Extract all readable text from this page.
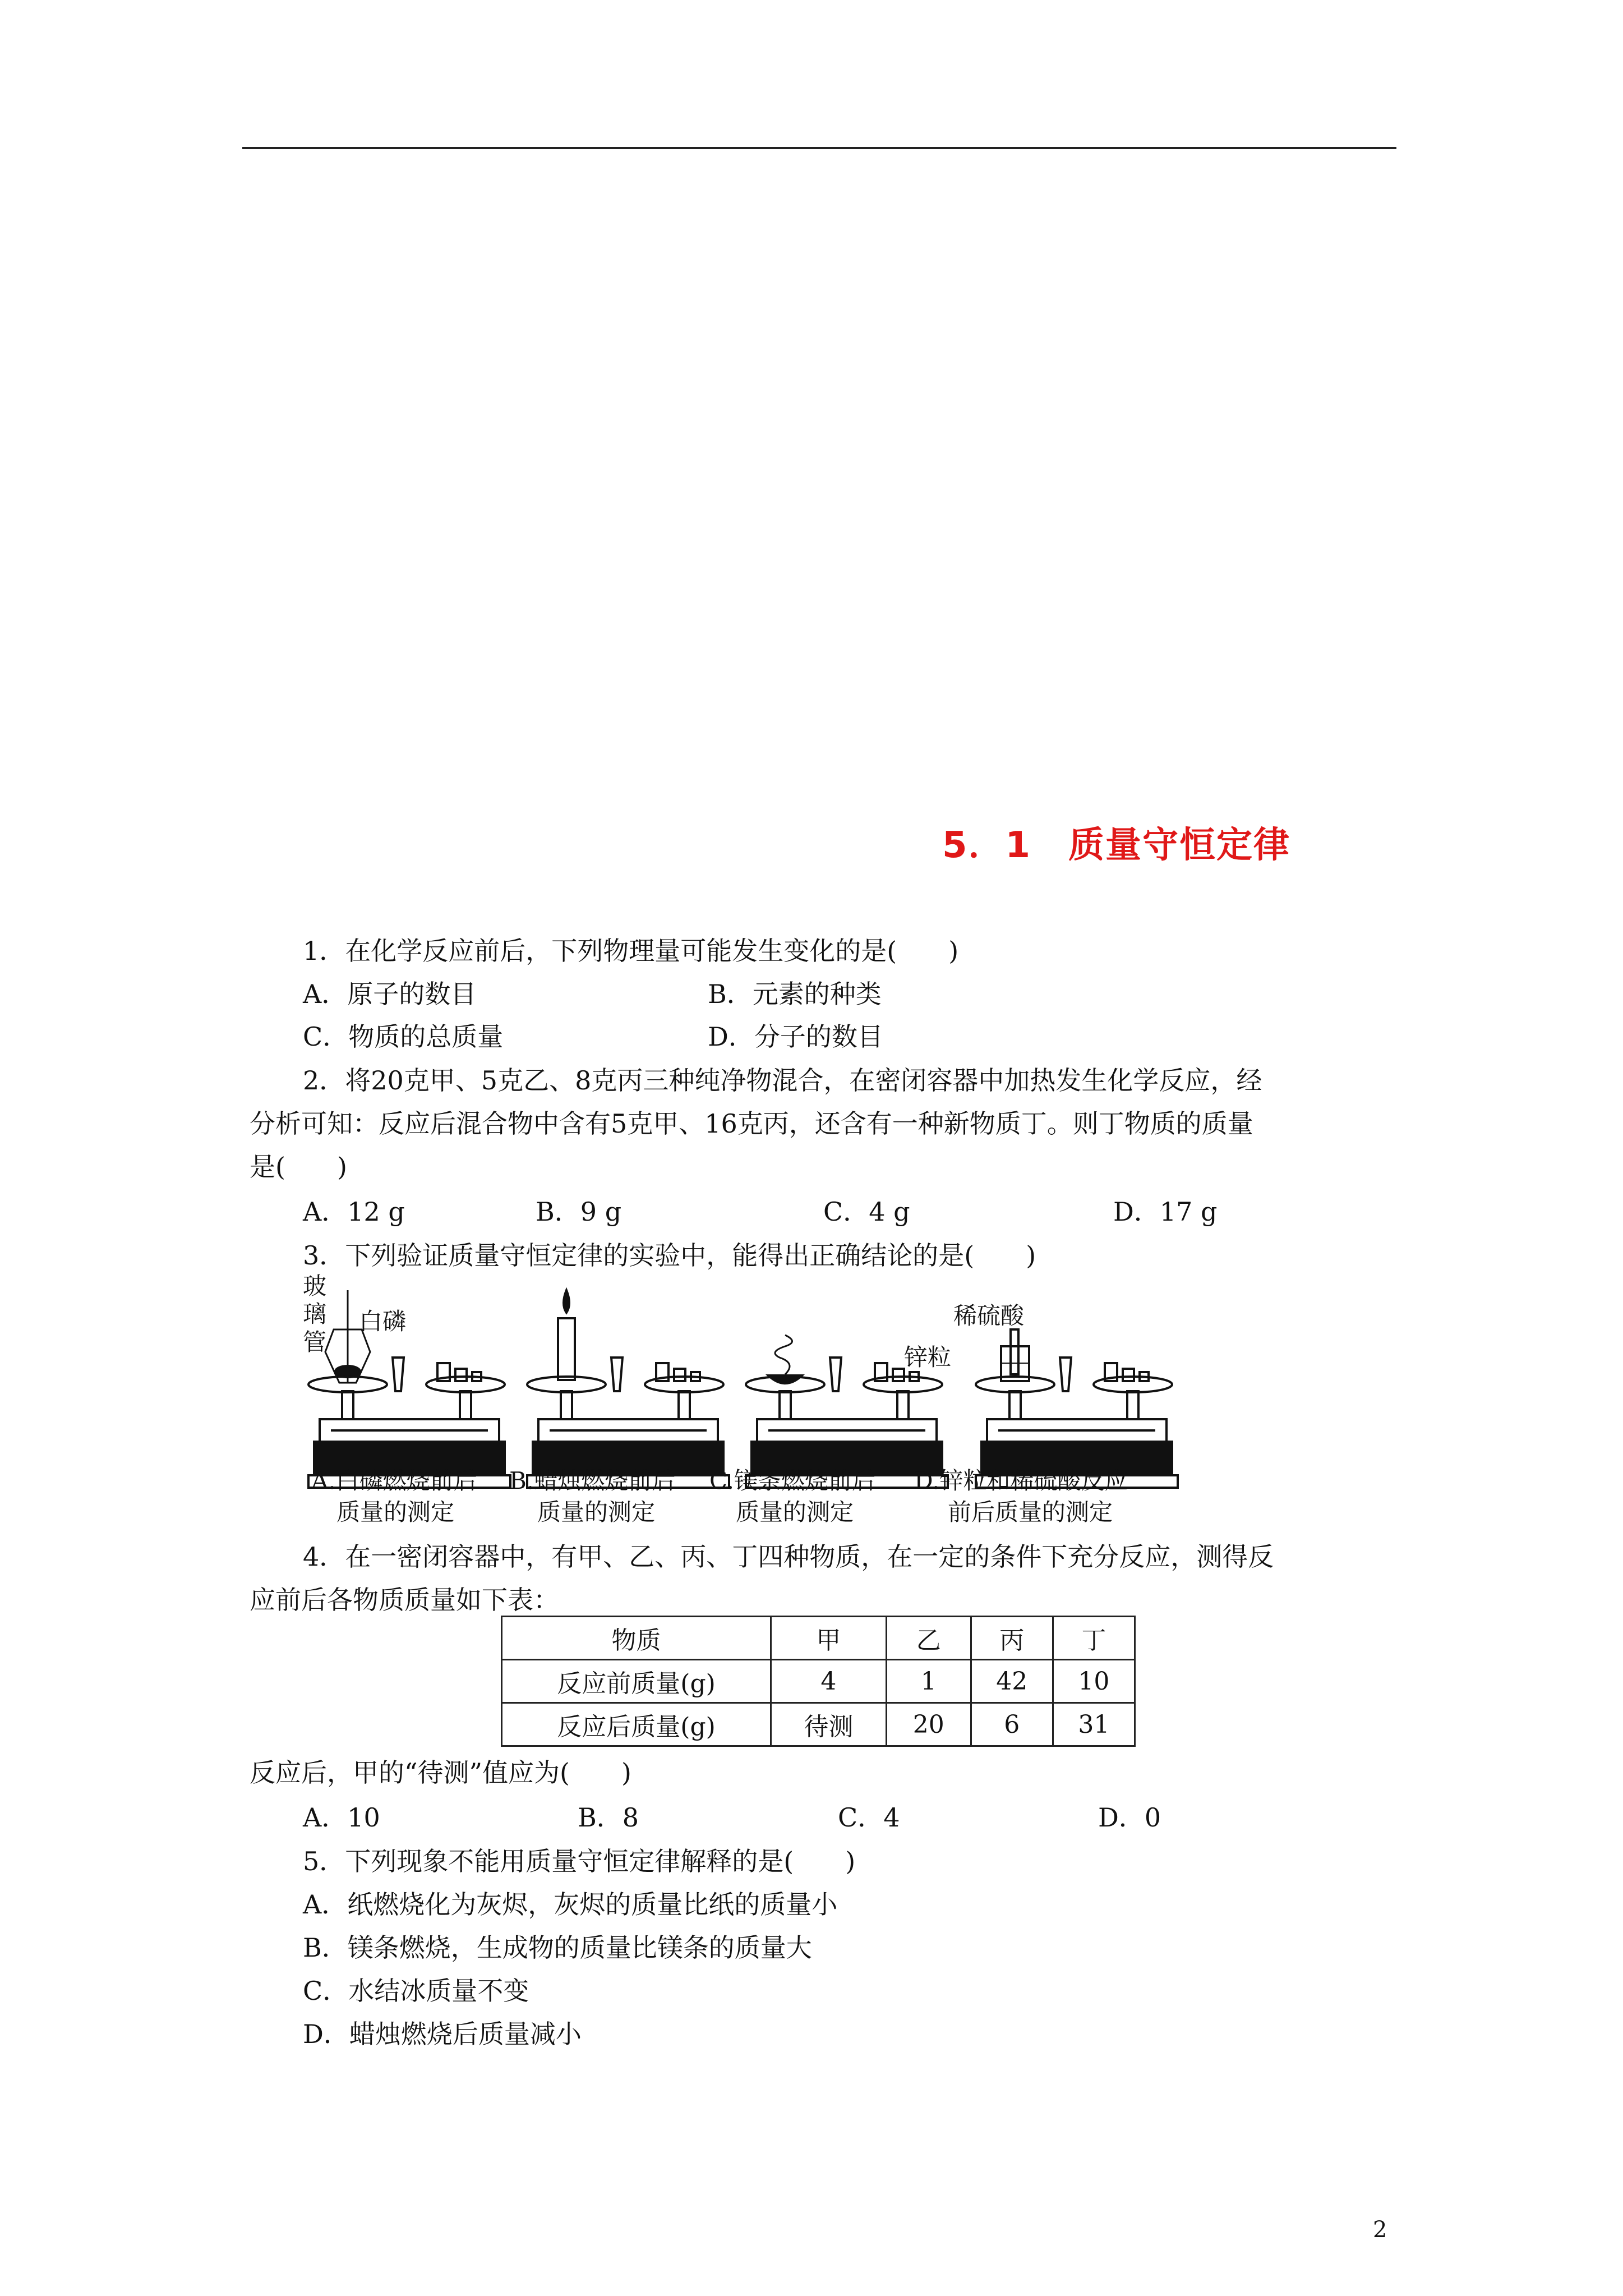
5．1　质量守恒定律
1．在化学反应前后，下列物理量可能发生变化的是(　　)
A．原子的数目	B．元素的种类
C．物质的总质量	D．分子的数目
2．将20克甲、5克乙、8克丙三种纯净物混合，在密闭容器中加热发生化学反应，经
分析可知：反应后混合物中含有5克甲、16克丙，还含有一种新物质丁。则丁物质的质量
是(　　)
A．12 g	B．9 g	C．4 g	D．17 g
3．下列验证质量守恒定律的实验中，能得出正确结论的是(　　)
玻
璃
管
白磷	稀硫酸
锌粒
A.白磷燃烧前后
质量的测定
B.蜡烛燃烧前后
质量的测定
C.镁条燃烧前后
质量的测定
D.锌粒和稀硫酸反应
前后质量的测定
4．在一密闭容器中，有甲、乙、丙、丁四种物质，在一定的条件下充分反应，测得反
应前后各物质质量如下表：
物质	甲	乙	丙	丁
反应前质量(g)	4	1	42	10
反应后质量(g)	待测	20	6	31
反应后，甲的“待测”值应为(　　)
A．10	B．8	C．4	D．0
5．下列现象不能用质量守恒定律解释的是(　　)
A．纸燃烧化为灰烬，灰烬的质量比纸的质量小
B．镁条燃烧，生成物的质量比镁条的质量大
C．水结冰质量不变
D．蜡烛燃烧后质量减小
2
